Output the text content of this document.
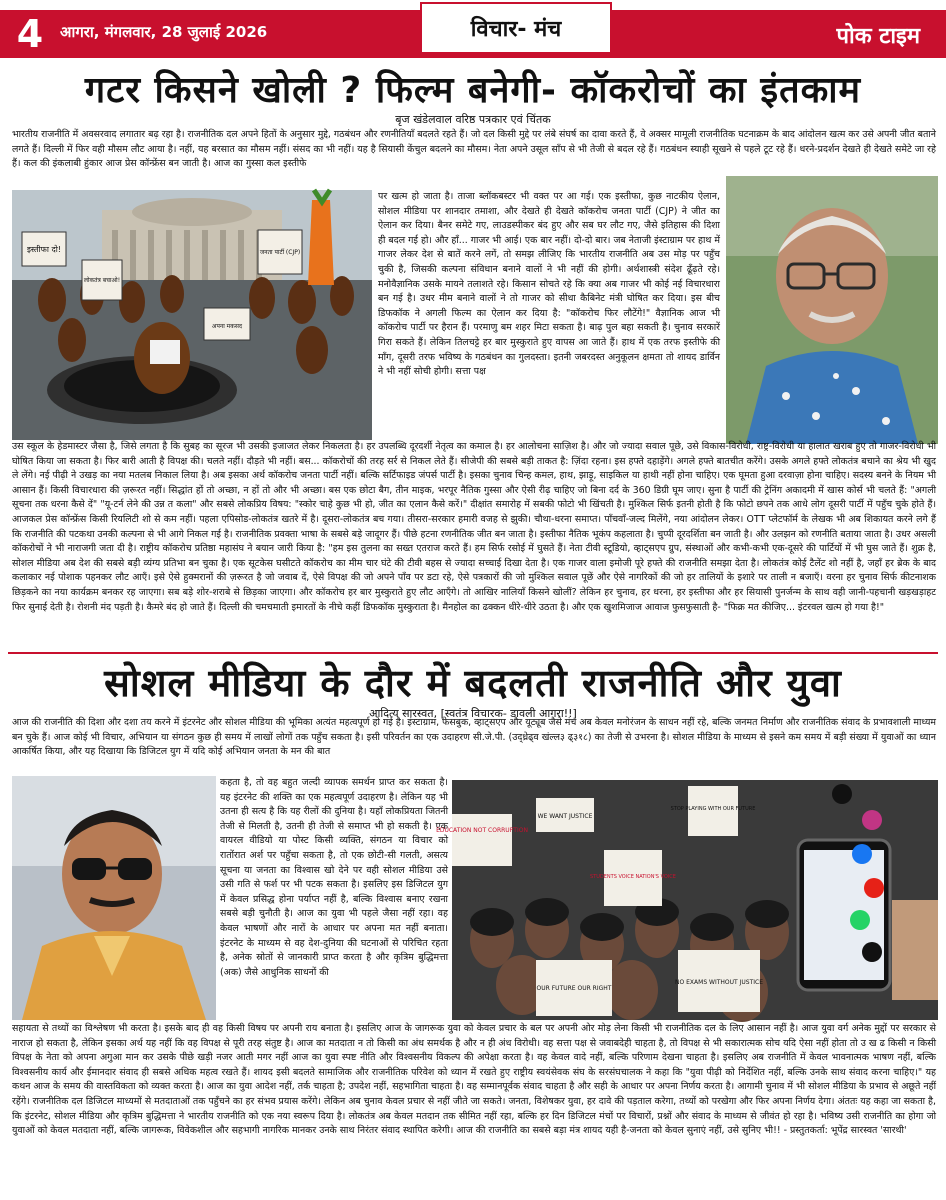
4	आगरा, मंगलवार, 28 जुलाई 2026	विचार- मंच	पोक टाइम
गटर किसने खोली ? फिल्म बनेगी- कॉकरोचों का इंतकाम
बृज खंडेलवाल वरिष्ठ पत्रकार एवं चिंतक
भारतीय राजनीति में अवसरवाद लगातार बढ़ रहा है। राजनीतिक दल अपने हितों के अनुसार मुद्दे, गठबंधन और रणनीतियाँ बदलते रहते हैं। जो दल किसी मुद्दे पर लंबे संघर्ष का दावा करते हैं, वे अक्सर मामूली राजनीतिक घटनाक्रम के बाद आंदोलन खत्म कर उसे अपनी जीत बताने लगते हैं। दिल्ली में फिर वही मौसम लौट आया है। नहीं, यह बरसात का मौसम नहीं। संसद का भी नहीं। यह है सियासी केंचुल बदलने का मौसम। नेता अपने उसूल साँप से भी तेजी से बदल रहे हैं। गठबंधन स्याही सूखने से पहले टूट रहे हैं। धरने-प्रदर्शन देखते ही देखते समेटे जा रहे हैं। कल की इंकलाबी हुंकार आज प्रेस कॉन्फ्रेंस बन जाती है। आज का गुस्सा कल इस्तीफे
इस्तीफा दो!
लोकतंत्र बचाओ!
जनता पार्टी (CJP)
अपना मकसद
पर खत्म हो जाता है। ताजा ब्लॉकबस्टर भी वक्त पर आ गई। एक इस्तीफा, कुछ नाटकीय ऐलान, सोशल मीडिया पर शानदार तमाशा, और देखते ही देखते कॉकरोच जनता पार्टी (CJP) ने जीत का ऐलान कर दिया। बैनर समेटे गए, लाउडस्पीकर बंद हुए और सब घर लौट गए, जैसे इतिहास की दिशा ही बदल गई हो। और हाँ... गाजर भी आई। एक बार नहीं। दो-दो बार। जब नेताजी इंस्टाग्राम पर हाथ में गाजर लेकर देश से बातें करने लगें, तो समझ लीजिए कि भारतीय राजनीति अब उस मोड़ पर पहुँच चुकी है, जिसकी कल्पना संविधान बनाने वालों ने भी नहीं की होगी। अर्थशास्त्री संदेश ढूँढ़ते रहे। मनोवैज्ञानिक उसके मायने तलाशते रहे। किसान सोचते रहे कि क्या अब गाजर भी कोई नई विचारधारा बन गई है। उधर मीम बनाने वालों ने तो गाजर को सीधा कैबिनेट मंत्री घोषित कर दिया। इस बीच डिफकॉक ने अगली फिल्म का ऐलान कर दिया है: "कॉकरोच फिर लौटेंगे!" वैज्ञानिक आज भी कॉकरोच पार्टी पर हैरान हैं। परमाणु बम शहर मिटा सकता है। बाढ़ पुल बहा सकती है। चुनाव सरकारें गिरा सकते हैं। लेकिन तिलचट्टे हर बार मुस्कुराते हुए वापस आ जाते हैं। हाथ में एक तरफ इस्तीफे की माँग, दूसरी तरफ भविष्य के गठबंधन का गुलदस्ता। इतनी जबरदस्त अनुकूलन क्षमता तो शायद डार्विन ने भी नहीं सोची होगी। सत्ता पक्ष
उस स्कूल के हेडमास्टर जैसा है, जिसे लगता है कि सुबह का सूरज भी उसकी इजाजत लेकर निकलता है। हर उपलब्धि दूरदर्शी नेतृत्व का कमाल है। हर आलोचना साज़िश है। और जो ज्यादा सवाल पूछे, उसे विकास-विरोधी, राष्ट्र-विरोधी या हालात खराब हुए तो गाजर-विरोधी भी घोषित किया जा सकता है। फिर बारी आती है विपक्ष की। चलते नहीं। दौड़ते भी नहीं। बस... कॉकरोचों की तरह सर्र से निकल लेते हैं। सीजेपी की सबसे बड़ी ताकत है: ज़िंदा रहना। इस हफ्ते दहाड़ेंगे। अगले हफ्ते बातचीत करेंगे। उसके अगले हफ्ते लोकतंत्र बचाने का श्रेय भी खुद ले लेंगे। नई पीढ़ी ने उखड़ का नया मतलब निकाल लिया है। अब इसका अर्थ कॉकरोच जनता पार्टी नहीं। बल्कि सर्टिफाइड जंपर्स पार्टी है। इसका चुनाव चिन्ह कमल, हाथ, झाड़ू, साइकिल या हाथी नहीं होना चाहिए। एक घूमता हुआ दरवाज़ा होना चाहिए। सदस्य बनने के नियम भी आसान हैं। किसी विचारधारा की ज़रूरत नहीं। सिद्धांत हों तो अच्छा, न हों तो और भी अच्छा। बस एक छोटा बैग, तीन माइक, भरपूर नैतिक गुस्सा और ऐसी रीढ़ चाहिए जो बिना दर्द के 360 डिग्री घूम जाए। सुना है पार्टी की ट्रेनिंग अकादमी में खास कोर्स भी चलते हैं: "अगली सूचना तक धरना कैसे दें" "यू-टर्न लेने की उन्न त कला" और सबसे लोकप्रिय विषय: "स्कोर चाहे कुछ भी हो, जीत का एलान कैसे करें।" दीक्षांत समारोह में सबकी फोटो भी खिंचती है। मुश्किल सिर्फ इतनी होती है कि फोटो छपने तक आधे लोग दूसरी पार्टी में पहुँच चुके होते हैं। आजकल प्रेस कॉन्फ्रेंस किसी रियलिटी शो से कम नहीं। पहला एपिसोड-लोकतंत्र खतरे में है। दूसरा-लोकतंत्र बच गया। तीसरा-सरकार हमारी वजह से झुकी। चौथा-धरना समाप्त। पाँचवाँ-जल्द मिलेंगे, नया आंदोलन लेकर। OTT प्लेटफॉर्म के लेखक भी अब शिकायत करने लगे हैं कि राजनीति की पटकथा उनकी कल्पना से भी आगे निकल गई है। राजनीतिक प्रवक्ता भाषा के सबसे बड़े जादूगर हैं। पीछे हटना रणनीतिक जीत बन जाता है। इस्तीफा नैतिक भूकंप कहलाता है। चुप्पी दूरदर्शिता बन जाती है। और उलझन को रणनीति बताया जाता है। उधर असली कॉकरोचों ने भी नाराजगी जता दी है। राष्ट्रीय कॉकरोच प्रतिष्ठा महासंघ ने बयान जारी किया है: "हम इस तुलना का सख्त एतराज करते हैं। हम सिर्फ रसोई में घुसते हैं। नेता टीवी स्टूडियो, व्हाट्सएप ग्रुप, संस्थाओं और कभी-कभी एक-दूसरे की पार्टियों में भी घुस जाते हैं। शुक्र है, सोशल मीडिया अब देश की सबसे बड़ी व्यंग्य प्रतिभा बन चुका है। एक सूटकेस घसीटते कॉकरोच का मीम चार घंटे की टीवी बहस से ज्यादा सच्चाई दिखा देता है। एक गाजर वाला इमोजी पूरे हफ्ते की राजनीति समझा देता है। लोकतंत्र कोई टैलेंट शो नहीं है, जहाँ हर ब्रेक के बाद कलाकार नई पोशाक पहनकर लौट आएँ। इसे ऐसे हुक्मरानों की ज़रूरत है जो जवाब दें, ऐसे विपक्ष की जो अपने पाँव पर डटा रहे, ऐसे पत्रकारों की जो मुश्किल सवाल पूछें और ऐसे नागरिकों की जो हर तालियों के इशारे पर ताली न बजाएँ। वरना हर चुनाव सिर्फ कीटनाशक छिड़कने का नया कार्यक्रम बनकर रह जाएगा। सब बड़े शोर-शराबे से छिड़का जाएगा। और कॉकरोच हर बार मुस्कुराते हुए लौट आएँगे। तो आखिर नालियाँ किसने खोलीं? लेकिन हर चुनाव, हर धरना, हर इस्तीफा और हर सियासी पुनर्जन्म के साथ वही जानी-पहचानी खड़खड़ाहट फिर सुनाई देती है। रोशनी मंद पड़ती है। कैमरे बंद हो जाते हैं। दिल्ली की चमचमाती इमारतों के नीचे कहीं डिफकॉक मुस्कुराता है। मैनहोल का ढक्कन धीरे-धीरे उठता है। और एक खुशमिजाज आवाज फुसफुसाती है- "फिक्र मत कीजिए... इंटरवल खत्म हो गया है!"
सोशल मीडिया के दौर में बदलती राजनीति और युवा
आदित्य सारस्वत, [स्वतंत्र विचारक- डावली आगरा!!]
आज की राजनीति की दिशा और दशा तय करने में इंटरनेट और सोशल मीडिया की भूमिका अत्यंत महत्वपूर्ण हो गई है। इंस्टाग्राम, फेसबुक, व्हाट्सएप और यूट्यूब जैसे मंच अब केवल मनोरंजन के साधन नहीं रहे, बल्कि जनमत निर्माण और राजनीतिक संवाद के प्रभावशाली माध्यम बन चुके हैं। आज कोई भी विचार, अभियान या संगठन कुछ ही समय में लाखों लोगों तक पहुँच सकता है। इसी परिवर्तन का एक उदाहरण सी.जे.पी. (उद्ध्रेढ्व खंल्ल३ ढ्३१८) का तेजी से उभरना है। सोशल मीडिया के माध्यम से इसने कम समय में बड़ी संख्या में युवाओं का ध्यान आकर्षित किया, और यह दिखाया कि डिजिटल युग में यदि कोई अभियान जनता के मन की बात
कहता है, तो वह बहुत जल्दी व्यापक समर्थन प्राप्त कर सकता है। यह इंटरनेट की शक्ति का एक महत्वपूर्ण उदाहरण है। लेकिन यह भी उतना ही सत्य है कि यह रीलों की दुनिया है। यहाँ लोकप्रियता जितनी तेजी से मिलती है, उतनी ही तेजी से समाप्त भी हो सकती है। एक वायरल वीडियो या पोस्ट किसी व्यक्ति, संगठन या विचार को रातोंरात अर्श पर पहुँचा सकता है, तो एक छोटी-सी गलती, असत्य सूचना या जनता का विश्वास खो देने पर वही सोशल मीडिया उसे उसी गति से फर्श पर भी पटक सकता है। इसलिए इस डिजिटल युग में केवल प्रसिद्ध होना पर्याप्त नहीं है, बल्कि विश्वास बनाए रखना सबसे बड़ी चुनौती है। आज का युवा भी पहले जैसा नहीं रहा। वह केवल भाषणों और नारों के आधार पर अपना मत नहीं बनाता। इंटरनेट के माध्यम से वह देश-दुनिया की घटनाओं से परिचित रहता है, अनेक स्रोतों से जानकारी प्राप्त करता है और कृत्रिम बुद्धिमत्ता (अक) जैसे आधुनिक साधनों की
EDUCATION NOT CORRUPTION
WE WANT JUSTICE
STOP PLAYING WITH OUR FUTURE
STUDENTS VOICE NATION'S VOICE
OUR FUTURE OUR RIGHT
NO EXAMS WITHOUT JUSTICE
सहायता से तथ्यों का विश्लेषण भी करता है। इसके बाद ही वह किसी विषय पर अपनी राय बनाता है। इसलिए आज के जागरूक युवा को केवल प्रचार के बल पर अपनी ओर मोड़ लेना किसी भी राजनीतिक दल के लिए आसान नहीं है। आज युवा वर्ग अनेक मुद्दों पर सरकार से नाराज हो सकता है, लेकिन इसका अर्थ यह नहीं कि वह विपक्ष से पूरी तरह संतुष्ट है। आज का मतदाता न तो किसी का अंध समर्थक है और न ही अंध विरोधी। वह सत्ता पक्ष से जवाबदेही चाहता है, तो विपक्ष से भी सकारात्मक सोच यदि ऐसा नहीं होता तो उ ख ढ किसी न किसी विपक्ष के नेता को अपना अगुआ मान कर उसके पीछे खड़ी नजर आती मगर नहीं आज का युवा स्पष्ट नीति और विश्वसनीय विकल्प की अपेक्षा करता है। वह केवल वादे नहीं, बल्कि परिणाम देखना चाहता है। इसलिए अब राजनीति में केवल भावनात्मक भाषण नहीं, बल्कि विश्वसनीय कार्य और ईमानदार संवाद ही सबसे अधिक महत्व रखते हैं। शायद इसी बदलते सामाजिक और राजनीतिक परिवेश को ध्यान में रखते हुए राष्ट्रीय स्वयंसेवक संघ के सरसंघचालक ने कहा कि "युवा पीढ़ी को निर्देशित नहीं, बल्कि उनके साथ संवाद करना चाहिए।" यह कथन आज के समय की वास्तविकता को व्यक्त करता है। आज का युवा आदेश नहीं, तर्क चाहता है; उपदेश नहीं, सहभागिता चाहता है। वह सम्मानपूर्वक संवाद चाहता है और सही के आधार पर अपना निर्णय करता है। आगामी चुनाव में भी सोशल मीडिया के प्रभाव से अछूते नहीं रहेंगे। राजनीतिक दल डिजिटल माध्यमों से मतदाताओं तक पहुँचने का हर संभव प्रयास करेंगे। लेकिन अब चुनाव केवल प्रचार से नहीं जीते जा सकते। जनता, विशेषकर युवा, हर दावे की पड़ताल करेगा, तथ्यों को परखेगा और फिर अपना निर्णय देगा। अंततः यह कहा जा सकता है, कि इंटरनेट, सोशल मीडिया और कृत्रिम बुद्धिमत्ता ने भारतीय राजनीति को एक नया स्वरूप दिया है। लोकतंत्र अब केवल मतदान तक सीमित नहीं रहा, बल्कि हर दिन डिजिटल मंचों पर विचारों, प्रश्नों और संवाद के माध्यम से जीवंत हो रहा है। भविष्य उसी राजनीति का होगा जो युवाओं को केवल मतदाता नहीं, बल्कि जागरूक, विवेकशील और सहभागी नागरिक मानकर उनके साथ निरंतर संवाद स्थापित करेगी। आज की राजनीति का सबसे बड़ा मंत्र शायद यही है-जनता को केवल सुनाएं नहीं, उसे सुनिए भी!! - प्रस्तुतकर्ता: भूपेंद्र सारस्वत 'सारथी'
